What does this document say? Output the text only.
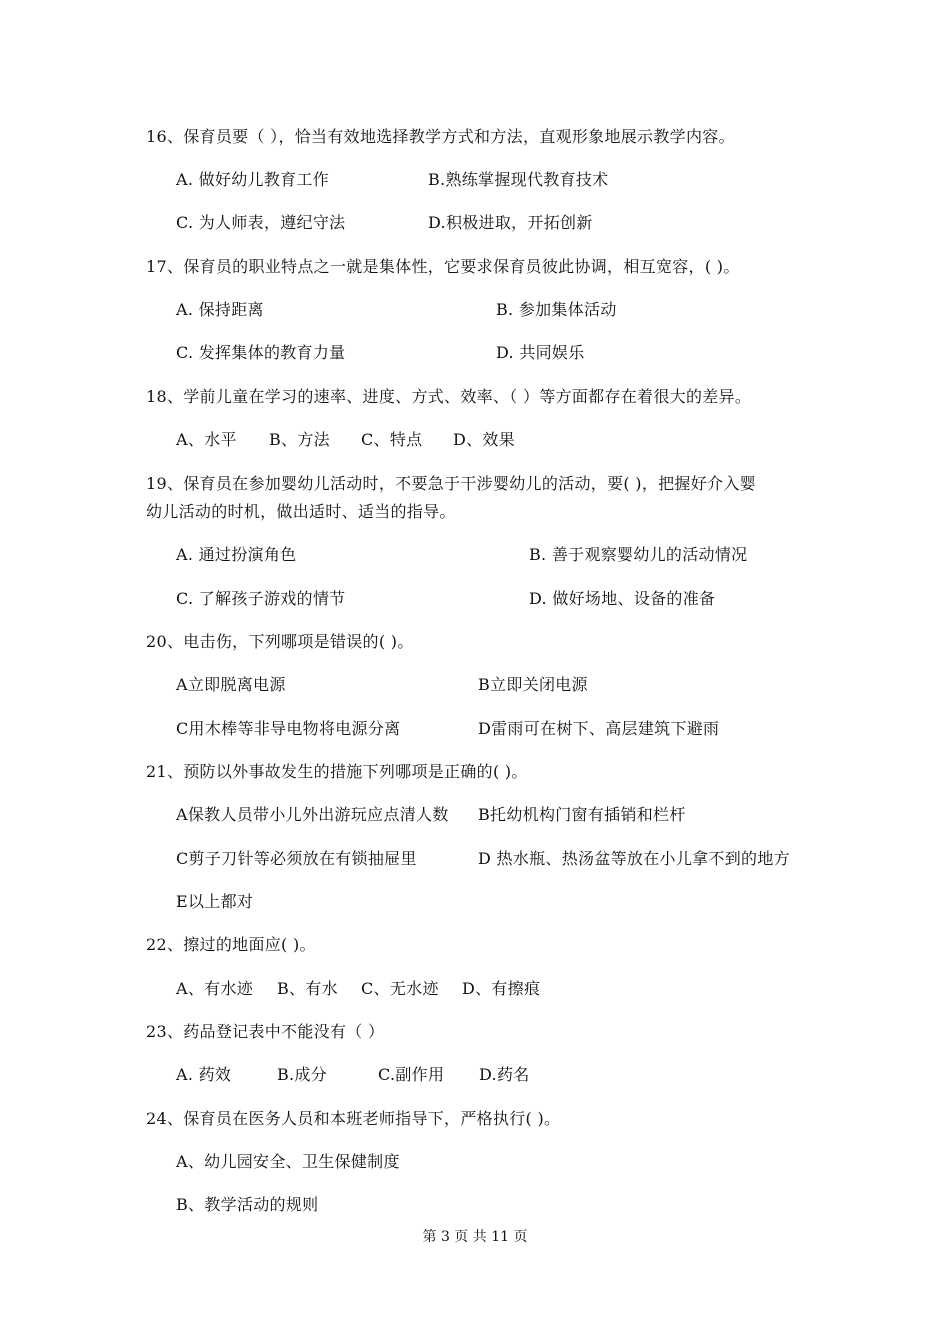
16、保育员要（ ），恰当有效地选择教学方式和方法，直观形象地展示教学内容。
A. 做好幼儿教育工作	B.熟练掌握现代教育技术
C. 为人师表，遵纪守法	D.积极进取，开拓创新
17、保育员的职业特点之一就是集体性，它要求保育员彼此协调，相互宽容，( )。
A. 保持距离	B. 参加集体活动
C. 发挥集体的教育力量	D. 共同娱乐
18、学前儿童在学习的速率、进度、方式、效率、（ ）等方面都存在着很大的差异。
A、水平 B、方法 C、特点 D、效果
19、保育员在参加婴幼儿活动时，不要急于干涉婴幼儿的活动，要( )，把握好介入婴
幼儿活动的时机，做出适时、适当的指导。
A. 通过扮演角色	B. 善于观察婴幼儿的活动情况
C. 了解孩子游戏的情节	D. 做好场地、设备的准备
20、电击伤，下列哪项是错误的( )。
A立即脱离电源	B立即关闭电源
C用木棒等非导电物将电源分离	D雷雨可在树下、高层建筑下避雨
21、预防以外事故发生的措施下列哪项是正确的( )。
A保教人员带小儿外出游玩应点清人数 B托幼机构门窗有插销和栏杆
C剪子刀针等必须放在有锁抽屉里	D 热水瓶、热汤盆等放在小儿拿不到的地方
E以上都对
22、擦过的地面应( )。
A、有水迹 B、有水 C、无水迹 D、有擦痕
23、药品登记表中不能没有（ ）
A. 药效	B.成分	C.副作用 D.药名
24、保育员在医务人员和本班老师指导下，严格执行( )。
A、幼儿园安全、卫生保健制度
B、教学活动的规则
第 3 页 共 11 页
